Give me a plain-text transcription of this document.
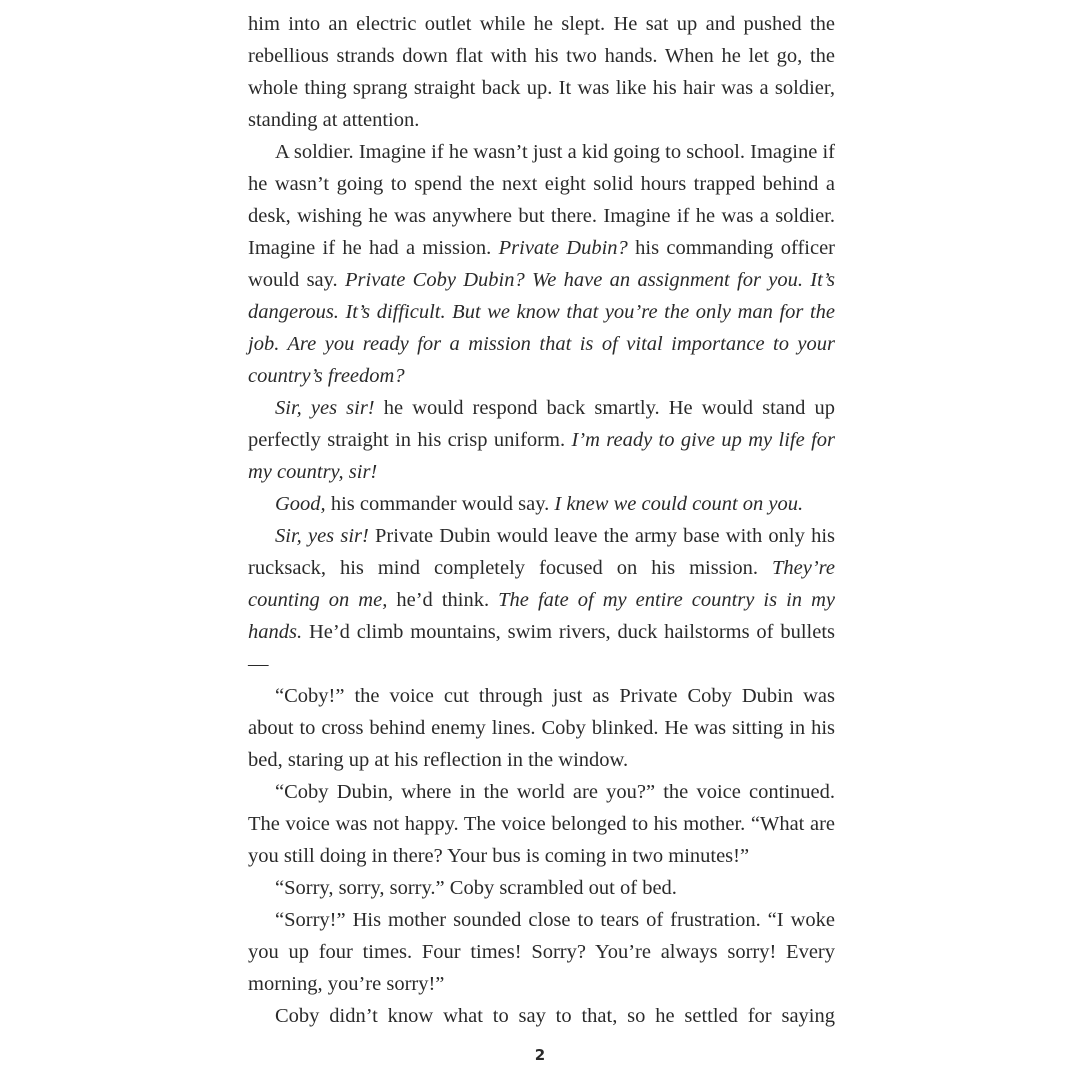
him into an electric outlet while he slept. He sat up and pushed the rebellious strands down flat with his two hands. When he let go, the whole thing sprang straight back up. It was like his hair was a soldier, standing at attention.

A soldier. Imagine if he wasn’t just a kid going to school. Imagine if he wasn’t going to spend the next eight solid hours trapped behind a desk, wishing he was anywhere but there. Imagine if he was a soldier. Imagine if he had a mission. Private Dubin? his commanding officer would say. Private Coby Dubin? We have an assignment for you. It’s dangerous. It’s difficult. But we know that you’re the only man for the job. Are you ready for a mission that is of vital importance to your country’s freedom?

Sir, yes sir! he would respond back smartly. He would stand up perfectly straight in his crisp uniform. I’m ready to give up my life for my country, sir!

Good, his commander would say. I knew we could count on you.

Sir, yes sir! Private Dubin would leave the army base with only his rucksack, his mind completely focused on his mission. They’re counting on me, he’d think. The fate of my entire country is in my hands. He’d climb mountains, swim rivers, duck hailstorms of bullets—

“Coby!” the voice cut through just as Private Coby Dubin was about to cross behind enemy lines. Coby blinked. He was sitting in his bed, staring up at his reflection in the window.

“Coby Dubin, where in the world are you?” the voice continued. The voice was not happy. The voice belonged to his mother. “What are you still doing in there? Your bus is coming in two minutes!”

“Sorry, sorry, sorry.” Coby scrambled out of bed.

“Sorry!” His mother sounded close to tears of frustration. “I woke you up four times. Four times! Sorry? You’re always sorry! Every morning, you’re sorry!”

Coby didn’t know what to say to that, so he settled for saying

2
